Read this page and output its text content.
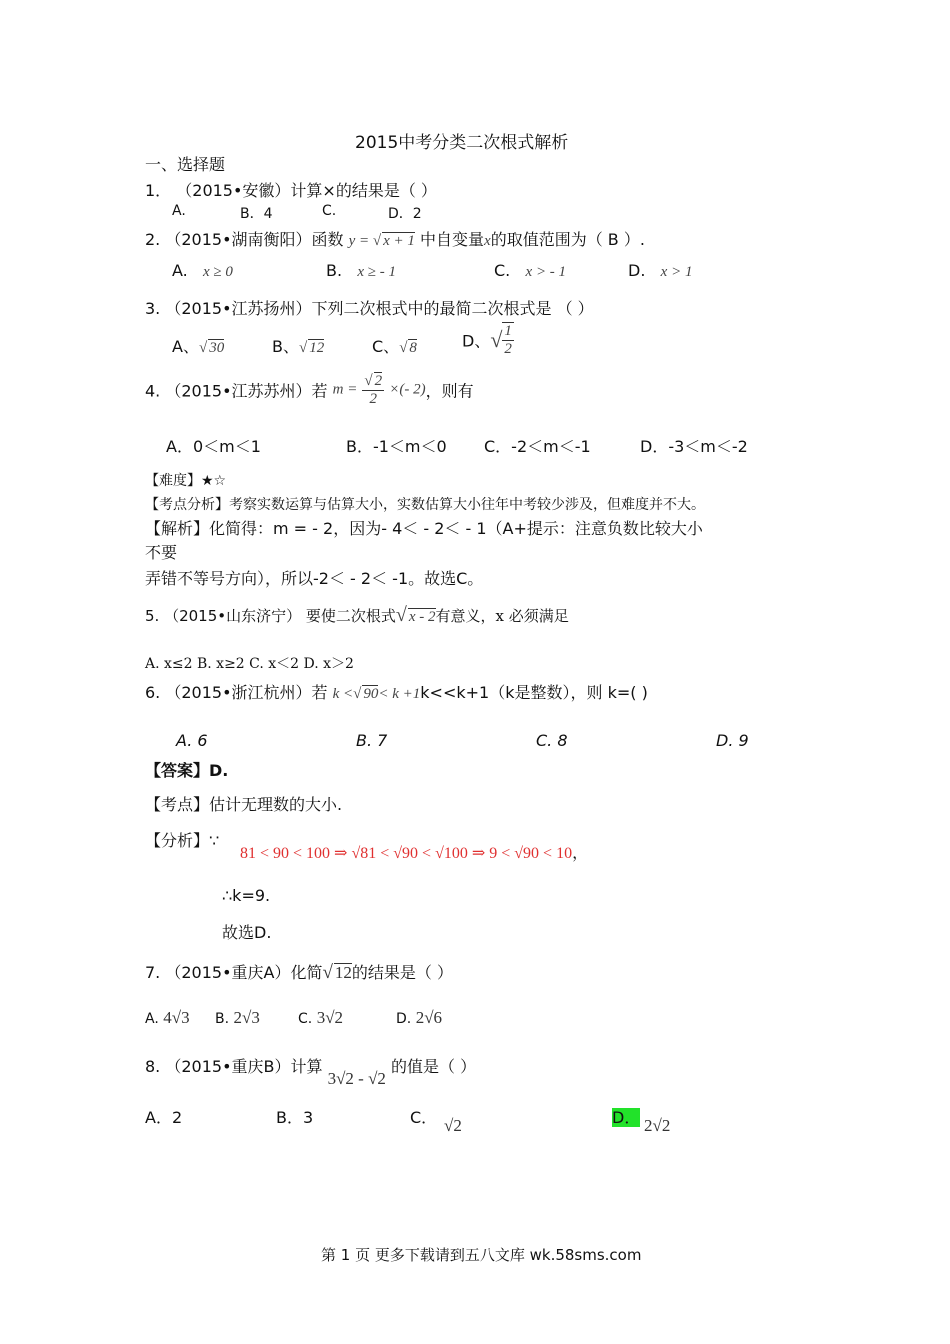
2015中考分类二次根式解析
一、选择题
1． （2015•安徽）计算×的结果是（ ）
A.	B．4	C.	D．2
2. （2015•湖南衡阳）函数 y = √ x + 1 中自变量x的取值范围为（ B ）.
A. x ≥ 0	B. x ≥ - 1	C. x > - 1	D. x > 1
3. （2015•江苏扬州）下列二次根式中的最简二次根式是 （ ）
A、√ 30	B、√ 12	C、√ 8	D、√ $\frac{1}{2}$
4. （2015•江苏苏州）若 $m = \frac{√ 2}{2}$ ×(- 2)，则有
A．0＜m＜1	B．-1＜m＜0 C．-2＜m＜-1	D．-3＜m＜-2
【难度】★☆
【考点分析】考察实数运算与估算大小，实数估算大小往年中考较少涉及，但难度并不大。
【解析】化简得：m = - 2，因为- 4＜ - 2＜ - 1（A+提示：注意负数比较大小
不要
弄错不等号方向），所以-2＜ - 2＜ -1。故选C。
5. （2015•山东济宁） 要使二次根式√ x - 2有意义，x 必须满足
A. x≤2 B. x≥2 C. x＜2 D. x＞2
6. （2015•浙江杭州）若 k <√ 90< k +1k<<k+1（k是整数），则 k=( )
A. 6	B. 7	C. 8	D. 9
【答案】D.
【考点】估计无理数的大小.
【分析】∵
81 < 90 < 100 ⇒ √81 < √90 < √100 ⇒ 9 < √90 < 10，
∴k=9.
故选D.
7. （2015•重庆A）化简√ 12的结果是（ ）
A. 4√3 B. 2√3	C. 3√2	D. 2√6
8. （2015•重庆B）计算 3√2 - √2 的值是（ ）
A．2	B．3	C． √2	D． 2√2
第 1 页 更多下载请到五八文库 wk.58sms.com
